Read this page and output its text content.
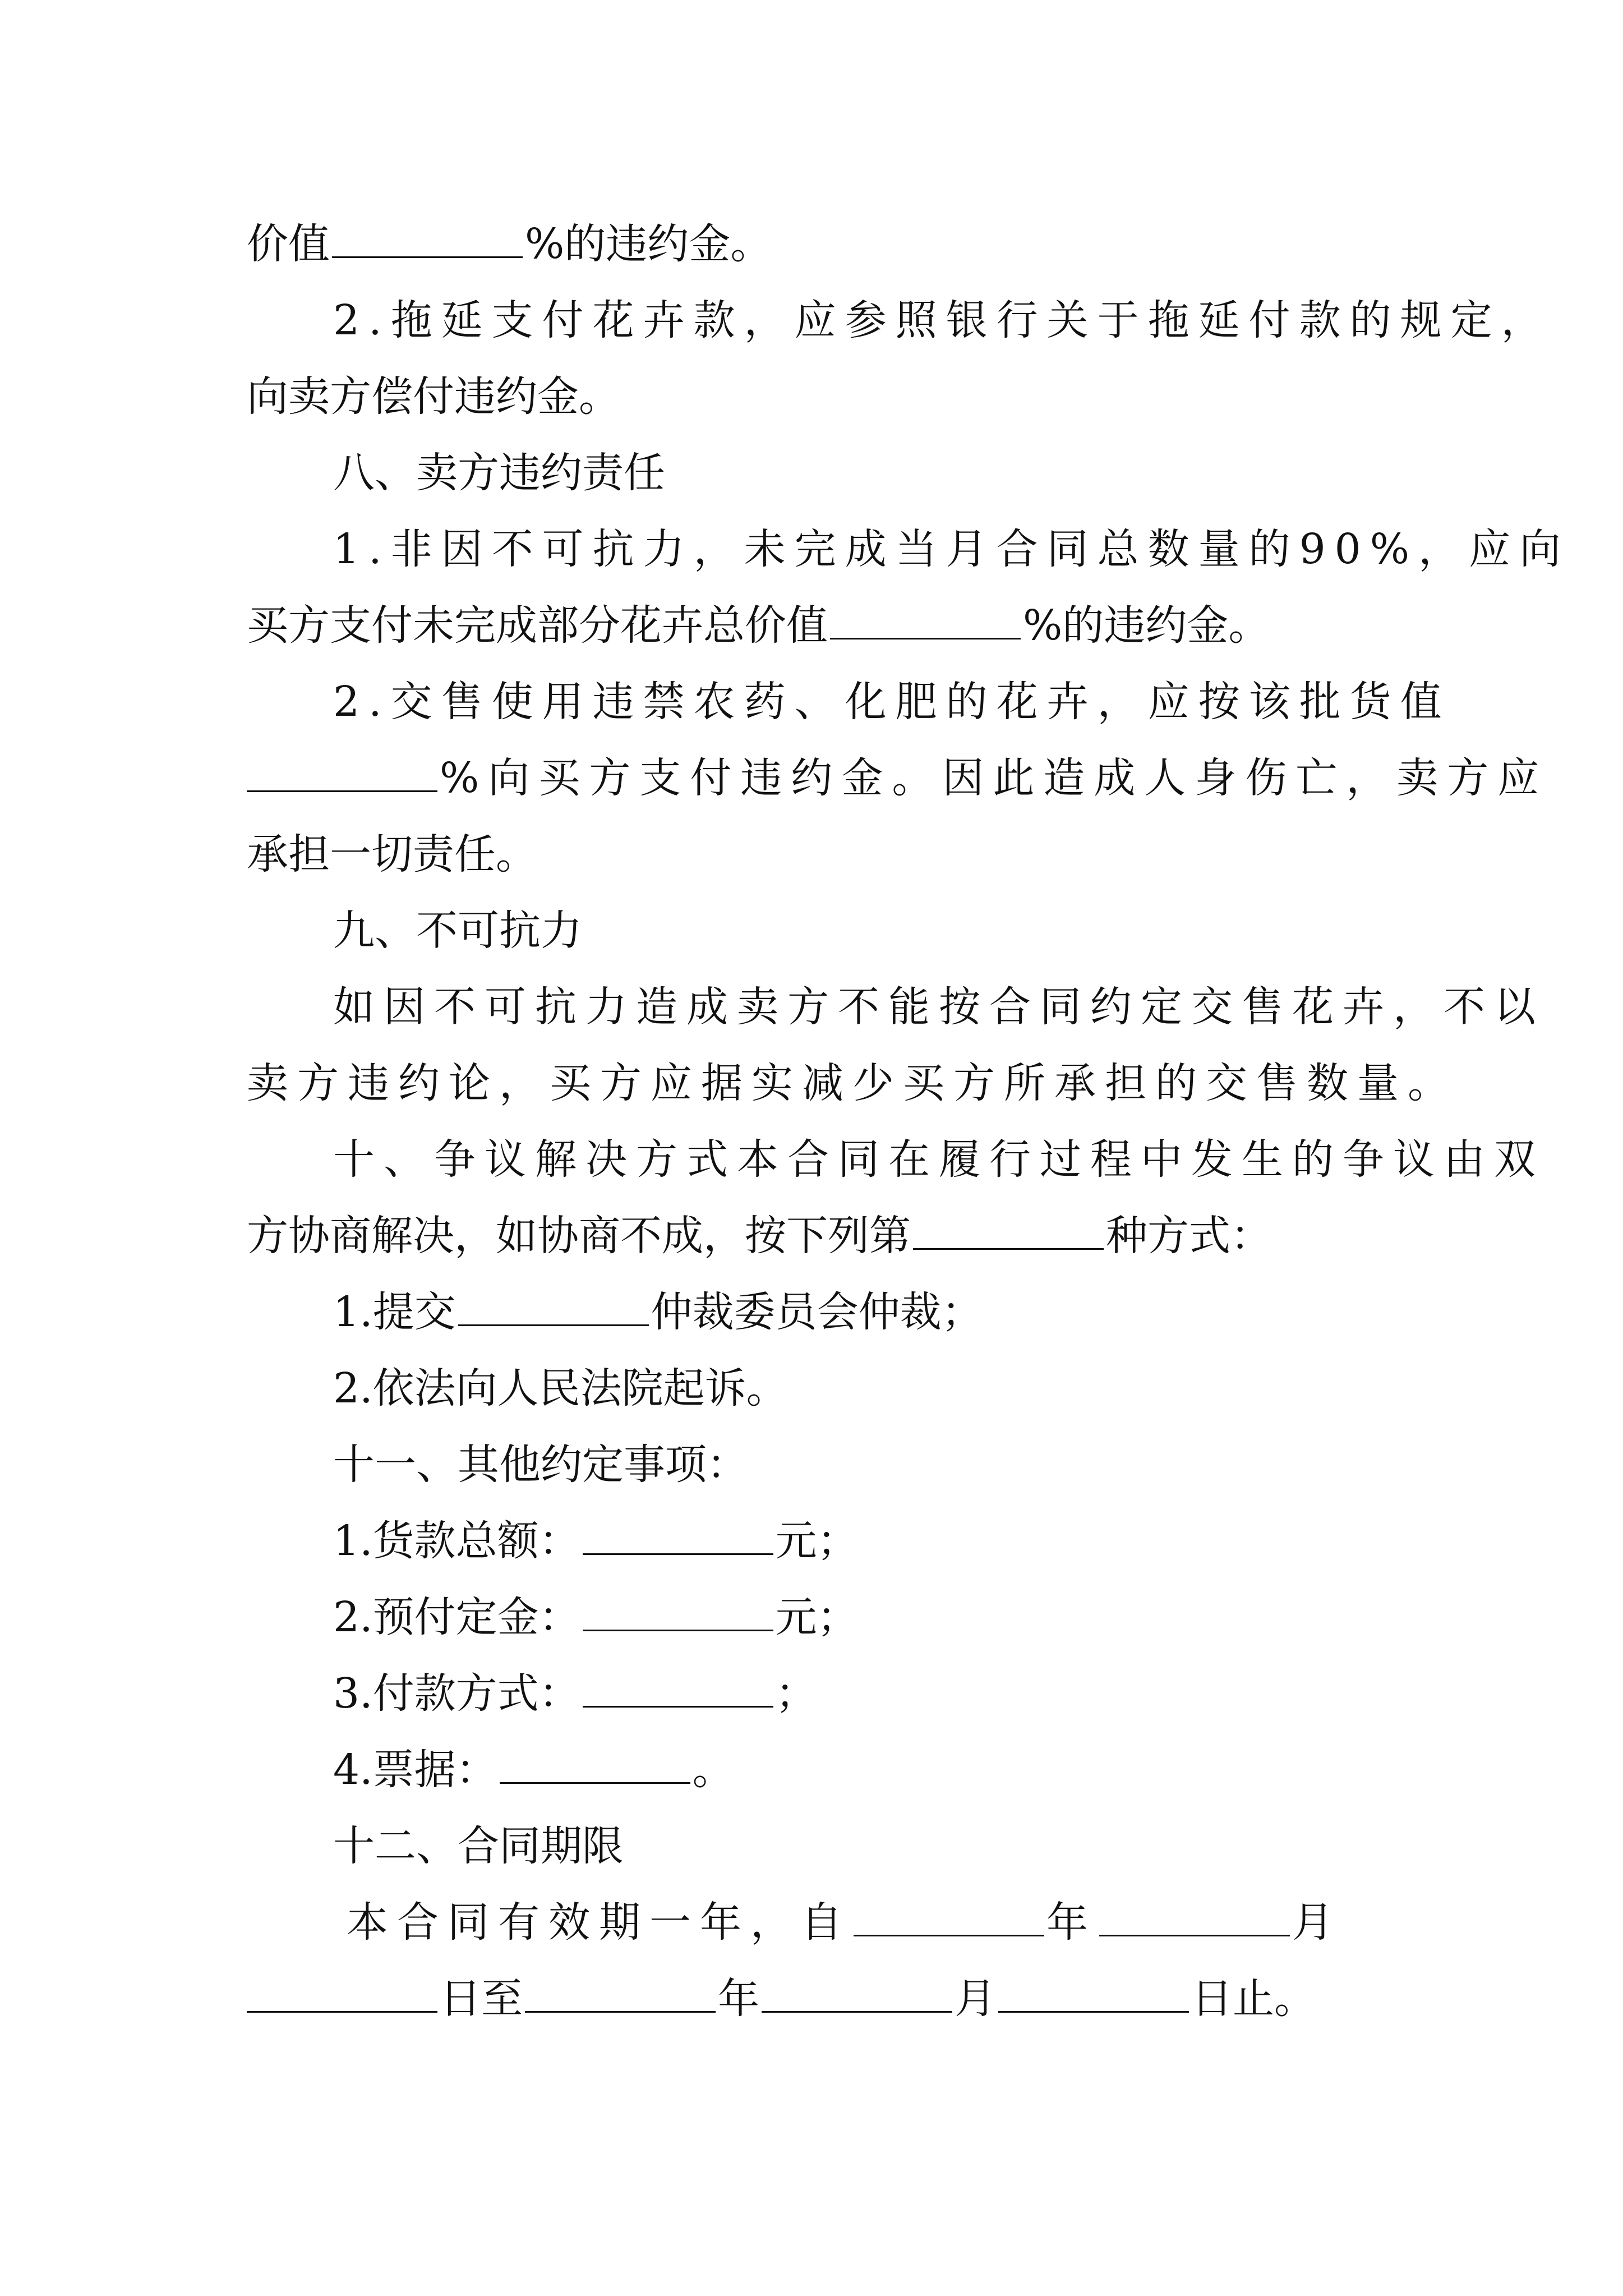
价值	%的违约金。
2.拖延支付花卉款，应参照银行关于拖延付款的规定，
向卖方偿付违约金。
八、卖方违约责任
1.非因不可抗力，未完成当月合同总数量的90%，应向
买方支付未完成部分花卉总价值	%的违约金。
2.交售使用违禁农药、化肥的花卉，应按该批货值
%向买方支付违约金。因此造成人身伤亡，卖方应
承担一切责任。
九、不可抗力
如因不可抗力造成卖方不能按合同约定交售花卉，不以
卖方违约论，买方应据实减少买方所承担的交售数量。
十、争议解决方式本合同在履行过程中发生的争议由双
方协商解决，如协商不成，按下列第	种方式：
1.提交	仲裁委员会仲裁；
2.依法向人民法院起诉。
十一、其他约定事项：
1.货款总额：	元；
2.预付定金：	元；
3.付款方式：	；
4.票据：	。
十二、合同期限
本合同有效期一年，自	年	月
日至	年	月	日止。
